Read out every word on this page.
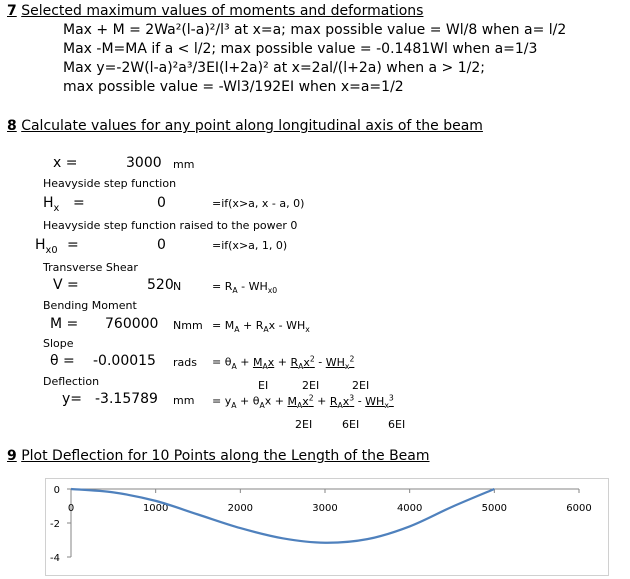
7 Selected maximum values of moments and deformations
Max + M = 2Wa²(l-a)²/l³ at x=a; max possible value = Wl/8 when a= l/2
Max -M=MA if a < l/2; max possible value = -0.1481Wl when a=1/3
Max y=-2W(l-a)²a³/3EI(l+2a)² at x=2al/(l+2a) when a > 1/2;
max possible value = -Wl3/192EI when x=a=1/2
8 Calculate values for any point along longitudinal axis of the beam
x =	3000 mm
Heavyside step function
$H_x$ =	0	=if(x>a, x - a, 0)
Heavyside step function raised to the power 0
$H_{x0}$ =	0	=if(x>a, 1, 0)
Transverse Shear
V =	520 N	= $R_A - WH_{x0}$
Bending Moment
M = 760000 Nmm = $M_A + R_Ax - WH_x$
Slope
θ = -0.00015 rads = $\theta_A + M_Ax + R_Ax^2 - WH_x^2$
EI	2EI	2EI
Deflection
y= -3.15789 mm = $y_A + \theta_Ax + M_Ax^2 + R_Ax^3 - WH_x^3$
2EI	6EI	6EI
9 Plot Deflection for 10 Points along the Length of the Beam
0
-2
-4
0	1000	2000	3000	4000	5000	6000
